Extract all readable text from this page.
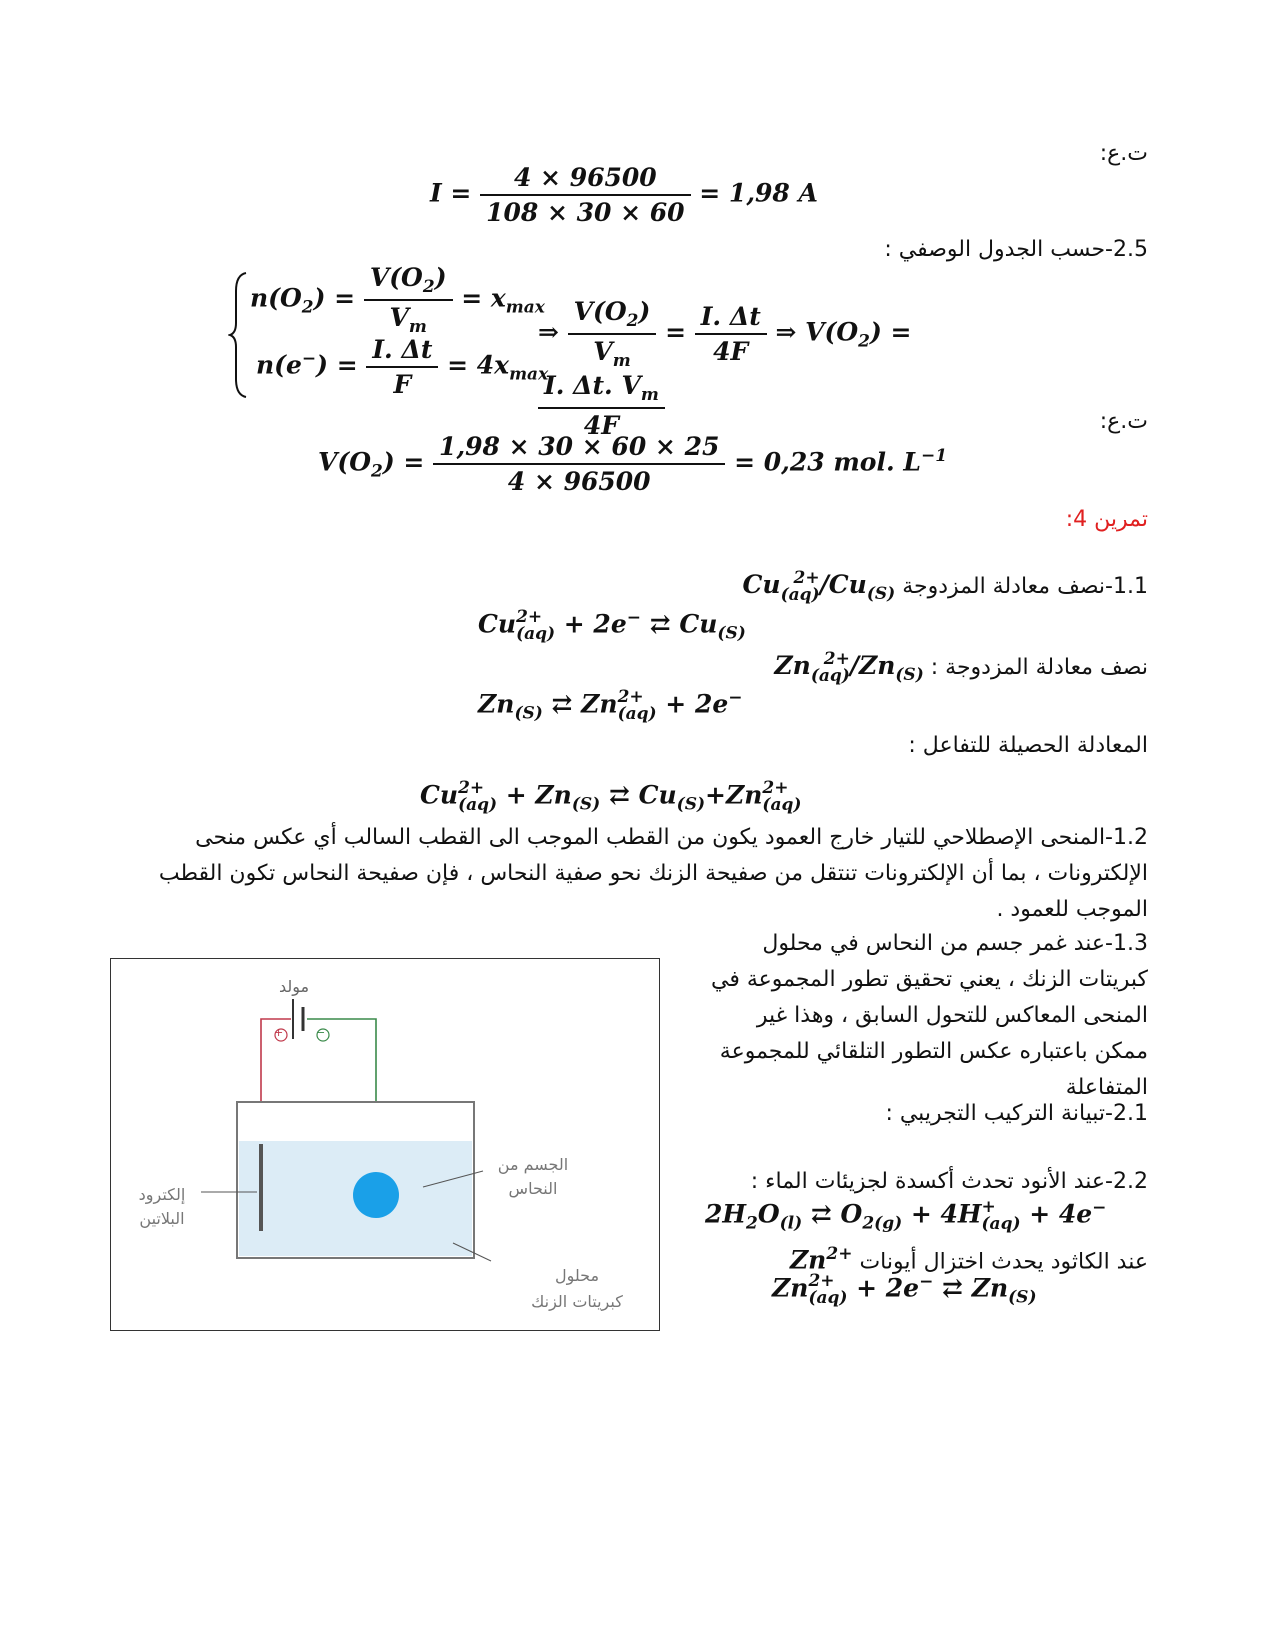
ت.ع:
$I = \frac{4 \times 96500}{108 \times 30 \times 60} = 1,98$ A
2.5-حسب الجدول الوصفي :
$n(O_2) = \frac{V(O_2)}{V_m} = x_{max}$
$n(e^-) = \frac{I. \Delta t}{F} = 4x_{max}$
⇒ $\frac{V(O_2)}{V_m} = \frac{I. \Delta t}{4F}$ ⇒ $V(O_2)$ =
$\frac{I. \Delta t. V_m}{4F}$	ت.ع:
$V(O_2) = \frac{1,98 \times 30 \times 60 \times 25}{4 \times 96500} = 0,23$ mol. $L^{-1}$
تمرين 4:
1.1-نصف معادلة المزدوجة Cu 2+
(aq) $/Cu_{(S)}$
Cu 2+
(aq) + 2e− ⇄ $Cu_{(S)}$
نصف معادلة المزدوجة : Zn 2+
(aq) $/Zn_{(S)}$
$Zn_{(S)}$ ⇄ Zn 2+
(aq) + 2e−
المعادلة الحصيلة للتفاعل :
Cu 2+
$(aq) + Zn_{(S)}$ ⇄ $Cu_{(S)}+Zn$ 2+
(aq)
1.2-المنحى الإصطلاحي للتيار خارج العمود يكون من القطب الموجب الى القطب السالب أي عكس منحى الإلكترونات ، بما أن الإلكترونات تنتقل من صفيحة الزنك نحو صفية النحاس ، فإن صفيحة النحاس تكون القطب الموجب للعمود .
1.3-عند غمر جسم من النحاس في محلول كبريتات الزنك ، يعني تحقيق تطور المجموعة في المنحى المعاكس للتحول السابق ، وهذا غير ممكن باعتباره عكس التطور التلقائي للمجموعة المتفاعلة
2.1-تبيانة التركيب التجريبي :
2.2-عند الأنود تحدث أكسدة لجزيئات الماء :
$2H_2O_{(l)}$ ⇄ $O_{2(g)} + 4H$ +
(aq) + 4e−
عند الكاثود يحدث اختزال أيونات $Zn^{2+}$
Zn 2+
(aq) + 2e− ⇄ $Zn_{(S)}$
+	−
مولد
إلكترود
البلاتين
الجسم من
النحاس
محلول
كبريتات الزنك
